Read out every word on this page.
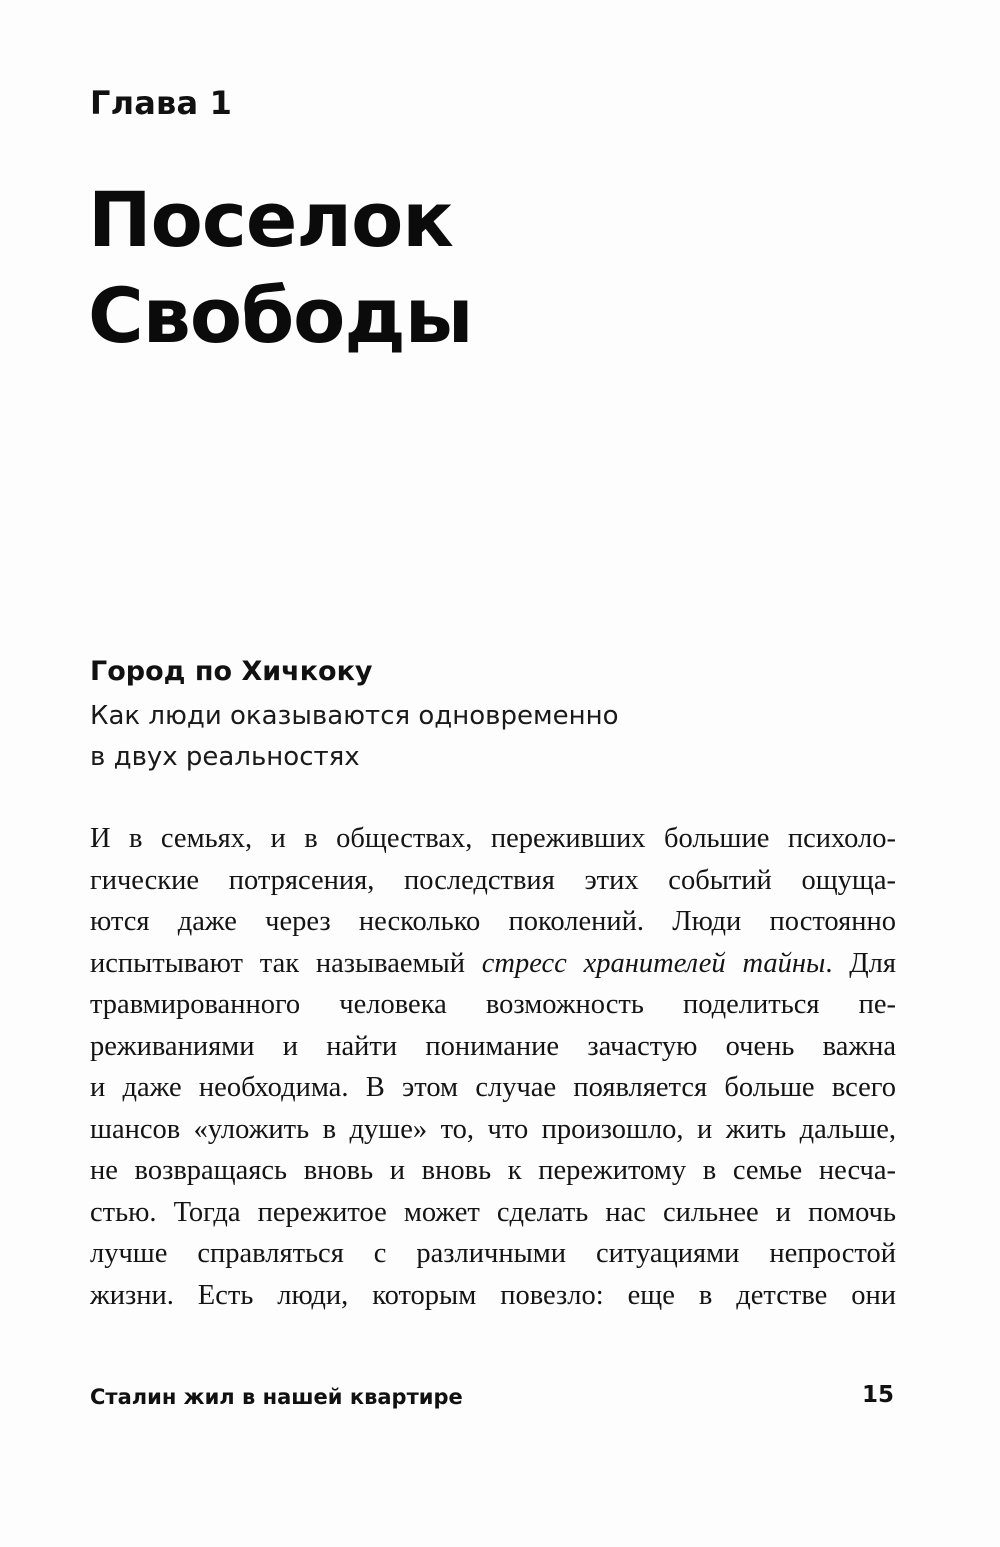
Глава 1
Поселок
Свободы
Город по Хичкоку
Как люди оказываются одновременно
в двух реальностях
И в семьях, и в обществах, переживших большие психоло-
гические потрясения, последствия этих событий ощуща-
ются даже через несколько поколений. Люди постоянно
испытывают так называемый стресс хранителей тайны. Для
травмированного человека возможность поделиться пе-
реживаниями и найти понимание зачастую очень важна
и даже необходима. В этом случае появляется больше всего
шансов «уложить в душе» то, что произошло, и жить дальше,
не возвращаясь вновь и вновь к пережитому в семье несча-
стью. Тогда пережитое может сделать нас сильнее и помочь
лучше справляться с различными ситуациями непростой
жизни. Есть люди, которым повезло: еще в детстве они
Сталин жил в нашей квартире	15
